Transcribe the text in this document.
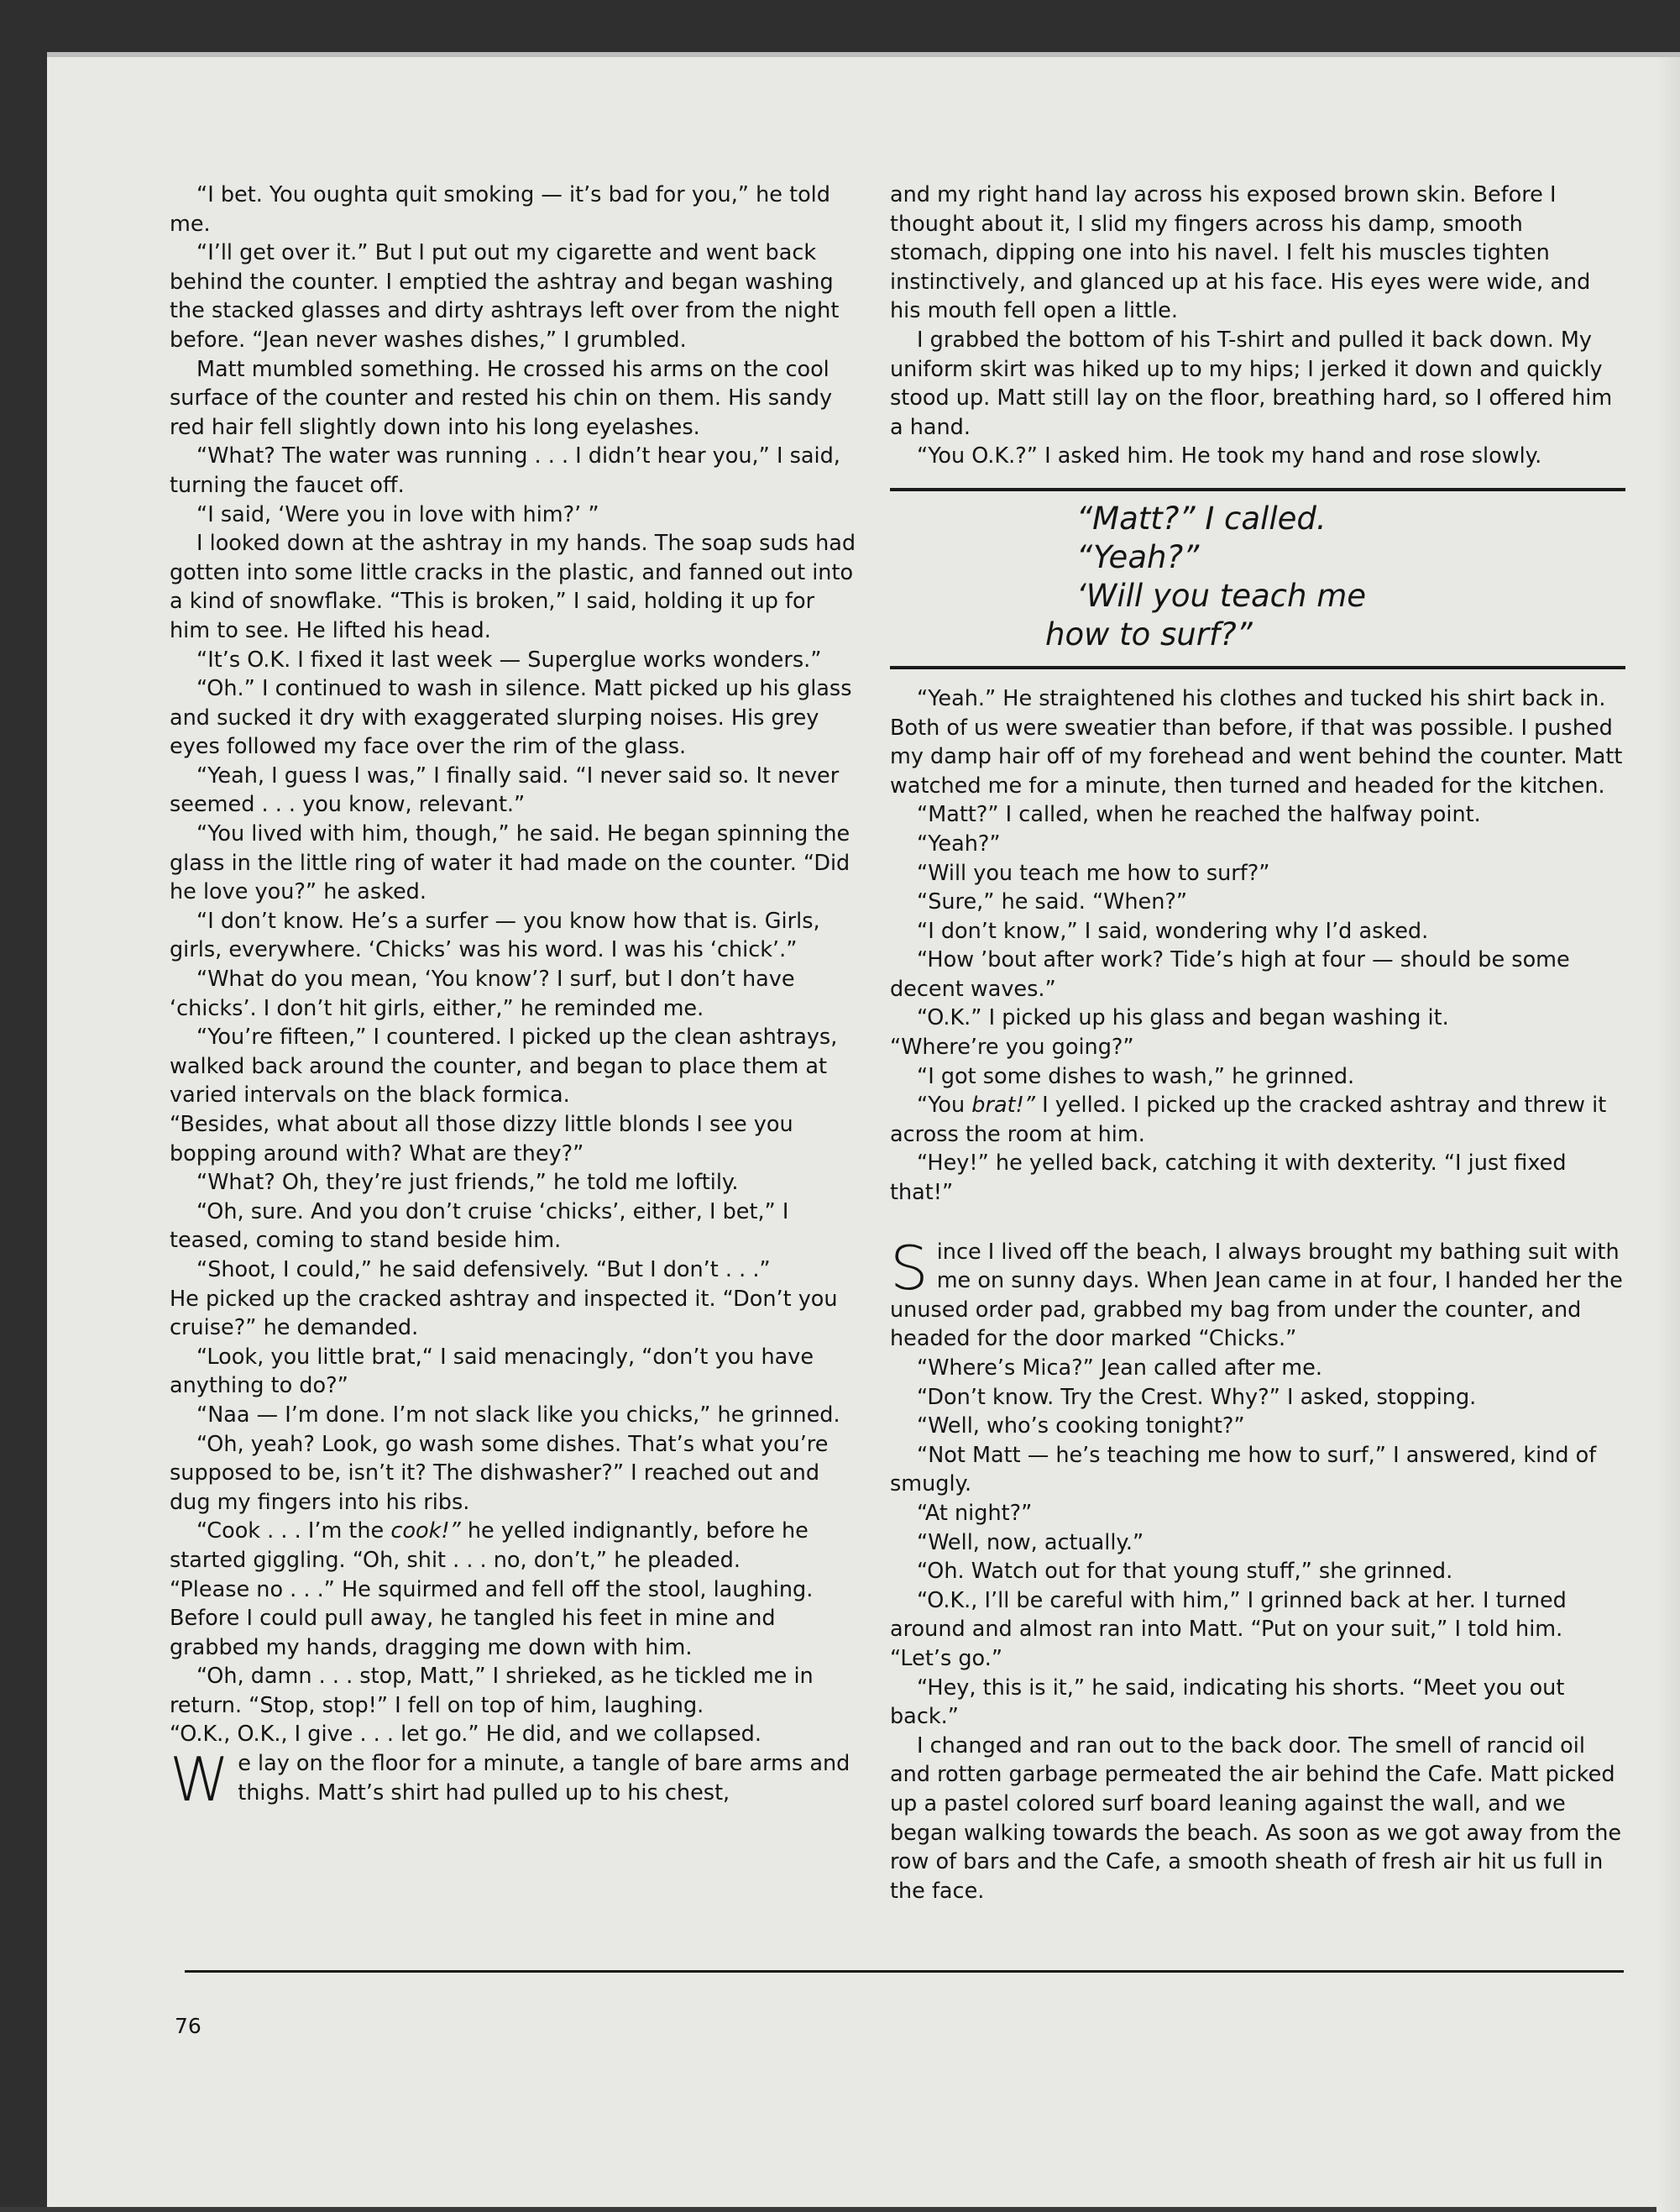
“I bet. You oughta quit smoking — it’s bad for you,” he told me.

“I’ll get over it.” But I put out my cigarette and went back behind the counter. I emptied the ashtray and began washing the stacked glasses and dirty ashtrays left over from the night before. “Jean never washes dishes,” I grumbled.

Matt mumbled something. He crossed his arms on the cool surface of the counter and rested his chin on them. His sandy red hair fell slightly down into his long eyelashes.

“What? The water was running . . . I didn’t hear you,” I said, turning the faucet off.

“I said, ‘Were you in love with him?’ ”

I looked down at the ashtray in my hands. The soap suds had gotten into some little cracks in the plastic, and fanned out into a kind of snowflake. “This is broken,” I said, holding it up for him to see. He lifted his head.

“It’s O.K. I fixed it last week — Superglue works wonders.”

“Oh.” I continued to wash in silence. Matt picked up his glass and sucked it dry with exaggerated slurping noises. His grey eyes followed my face over the rim of the glass.

“Yeah, I guess I was,” I finally said. “I never said so. It never seemed . . . you know, relevant.”

“You lived with him, though,” he said. He began spinning the glass in the little ring of water it had made on the counter. “Did he love you?” he asked.

“I don’t know. He’s a surfer — you know how that is. Girls, girls, everywhere. ‘Chicks’ was his word. I was his ‘chick’.”

“What do you mean, ‘You know’? I surf, but I don’t have ‘chicks’. I don’t hit girls, either,” he reminded me.

“You’re fifteen,” I countered. I picked up the clean ashtrays, walked back around the counter, and began to place them at varied intervals on the black formica.

“Besides, what about all those dizzy little blonds I see you bopping around with? What are they?”

“What? Oh, they’re just friends,” he told me loftily.

“Oh, sure. And you don’t cruise ‘chicks’, either, I bet,” I teased, coming to stand beside him.

“Shoot, I could,” he said defensively. “But I don’t . . .”

He picked up the cracked ashtray and inspected it. “Don’t you cruise?” he demanded.

“Look, you little brat,“ I said menacingly, “don’t you have anything to do?”

“Naa — I’m done. I’m not slack like you chicks,” he grinned.

“Oh, yeah? Look, go wash some dishes. That’s what you’re supposed to be, isn’t it? The dishwasher?” I reached out and dug my fingers into his ribs.

“Cook . . . I’m the cook!” he yelled indignantly, before he started giggling. “Oh, shit . . . no, don’t,” he pleaded.

“Please no . . .” He squirmed and fell off the stool, laughing. Before I could pull away, he tangled his feet in mine and grabbed my hands, dragging me down with him.

“Oh, damn . . . stop, Matt,” I shrieked, as he tickled me in return. “Stop, stop!” I fell on top of him, laughing.

“O.K., O.K., I give . . . let go.” He did, and we collapsed.

We lay on the floor for a minute, a tangle of bare arms and thighs. Matt’s shirt had pulled up to his chest,

and my right hand lay across his exposed brown skin. Before I thought about it, I slid my fingers across his damp, smooth stomach, dipping one into his navel. I felt his muscles tighten instinctively, and glanced up at his face. His eyes were wide, and his mouth fell open a little.

I grabbed the bottom of his T-shirt and pulled it back down. My uniform skirt was hiked up to my hips; I jerked it down and quickly stood up. Matt still lay on the floor, breathing hard, so I offered him a hand.

“You O.K.?” I asked him. He took my hand and rose slowly.

“Matt?” I called.
“Yeah?”
‘Will you teach me
how to surf?”

“Yeah.” He straightened his clothes and tucked his shirt back in. Both of us were sweatier than before, if that was possible. I pushed my damp hair off of my forehead and went behind the counter. Matt watched me for a minute, then turned and headed for the kitchen.

“Matt?” I called, when he reached the halfway point.

“Yeah?”

“Will you teach me how to surf?”

“Sure,” he said. “When?”

“I don’t know,” I said, wondering why I’d asked.

“How ’bout after work? Tide’s high at four — should be some decent waves.”

“O.K.” I picked up his glass and began washing it.

“Where’re you going?”

“I got some dishes to wash,” he grinned.

“You brat!” I yelled. I picked up the cracked ashtray and threw it across the room at him.

“Hey!” he yelled back, catching it with dexterity. “I just fixed that!”

Since I lived off the beach, I always brought my bathing suit with me on sunny days. When Jean came in at four, I handed her the unused order pad, grabbed my bag from under the counter, and headed for the door marked “Chicks.”

“Where’s Mica?” Jean called after me.

“Don’t know. Try the Crest. Why?” I asked, stopping.

“Well, who’s cooking tonight?”

“Not Matt — he’s teaching me how to surf,” I answered, kind of smugly.

“At night?”

“Well, now, actually.”

“Oh. Watch out for that young stuff,” she grinned.

“O.K., I’ll be careful with him,” I grinned back at her. I turned around and almost ran into Matt. “Put on your suit,” I told him. “Let’s go.”

“Hey, this is it,” he said, indicating his shorts. “Meet you out back.”

I changed and ran out to the back door. The smell of rancid oil and rotten garbage permeated the air behind the Cafe. Matt picked up a pastel colored surf board leaning against the wall, and we began walking towards the beach. As soon as we got away from the row of bars and the Cafe, a smooth sheath of fresh air hit us full in the face.

76
